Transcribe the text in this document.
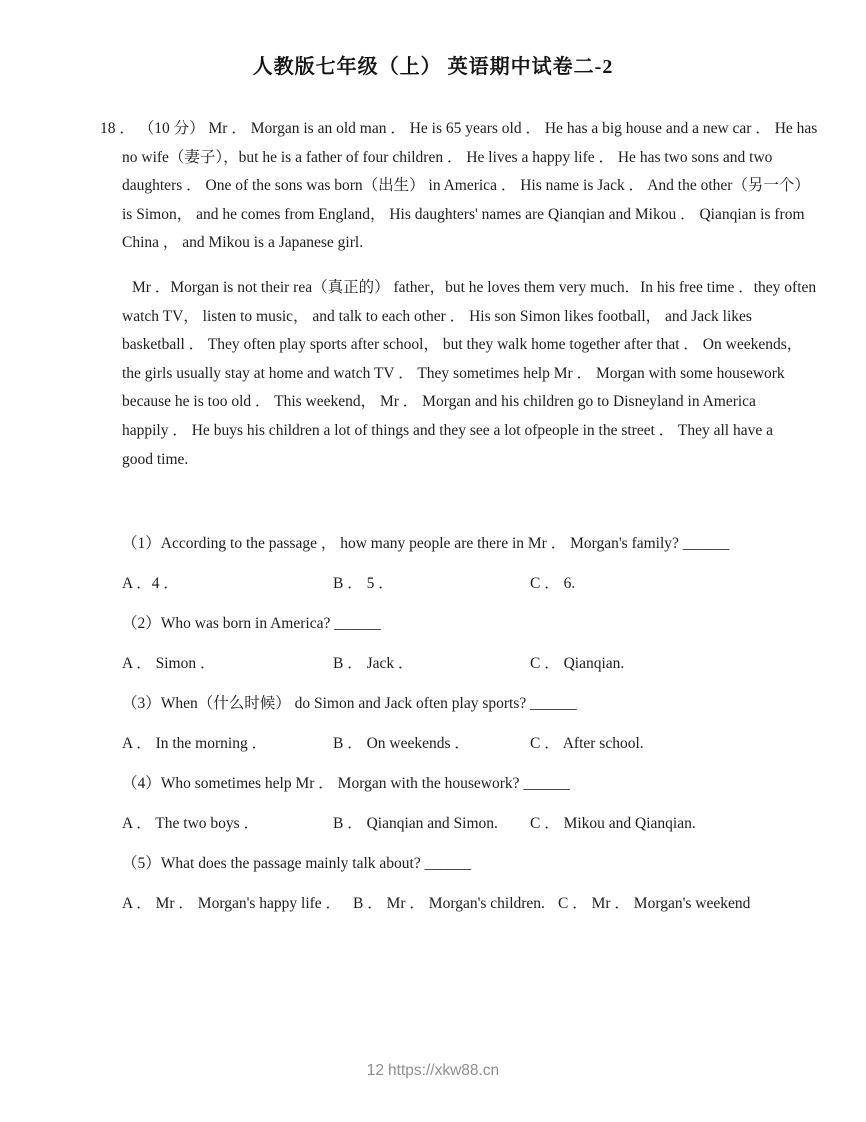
人教版七年级（上） 英语期中试卷二-2
18 ． （10 分） Mr ． Morgan is an old man ． He is 65 years old ． He has a big house and a new car ． He has
no wife（妻子），but he is a father of four children ． He lives a happy life ． He has two sons and two
daughters ． One of the sons was born（出生） in America ． His name is Jack ． And the other（另一个）
is Simon， and he comes from England， His daughters' names are Qianqian and Mikou ． Qianqian is from
China ， and Mikou is a Japanese girl.
Mr ．Morgan is not their rea（真正的） father，but he loves them very much．In his free time ．they often
watch TV， listen to music， and talk to each other ． His son Simon likes football， and Jack likes
basketball ． They often play sports after school， but they walk home together after that ． On weekends，
the girls usually stay at home and watch TV ． They sometimes help Mr ． Morgan with some housework
because he is too old ． This weekend， Mr ． Morgan and his children go to Disneyland in America
happily ． He buys his children a lot of things and they see a lot ofpeople in the street ． They all have a
good time.
（1）According to the passage ， how many people are there in Mr ． Morgan's family? ______
A ．4 ．	B ． 5 ．	C ． 6.
（2）Who was born in America? ______
A ． Simon ．	B ． Jack ．	C ． Qianqian.
（3）When（什么时候） do Simon and Jack often play sports? ______
A ． In the morning ．	B ． On weekends ．	C ． After school.
（4）Who sometimes help Mr ． Morgan with the housework? ______
A ． The two boys ．	B ． Qianqian and Simon.	C ． Mikou and Qianqian.
（5）What does the passage mainly talk about? ______
A ． Mr ． Morgan's happy life ． B ． Mr ． Morgan's children. C ． Mr ． Morgan's weekend
12 https://xkw88.cn
